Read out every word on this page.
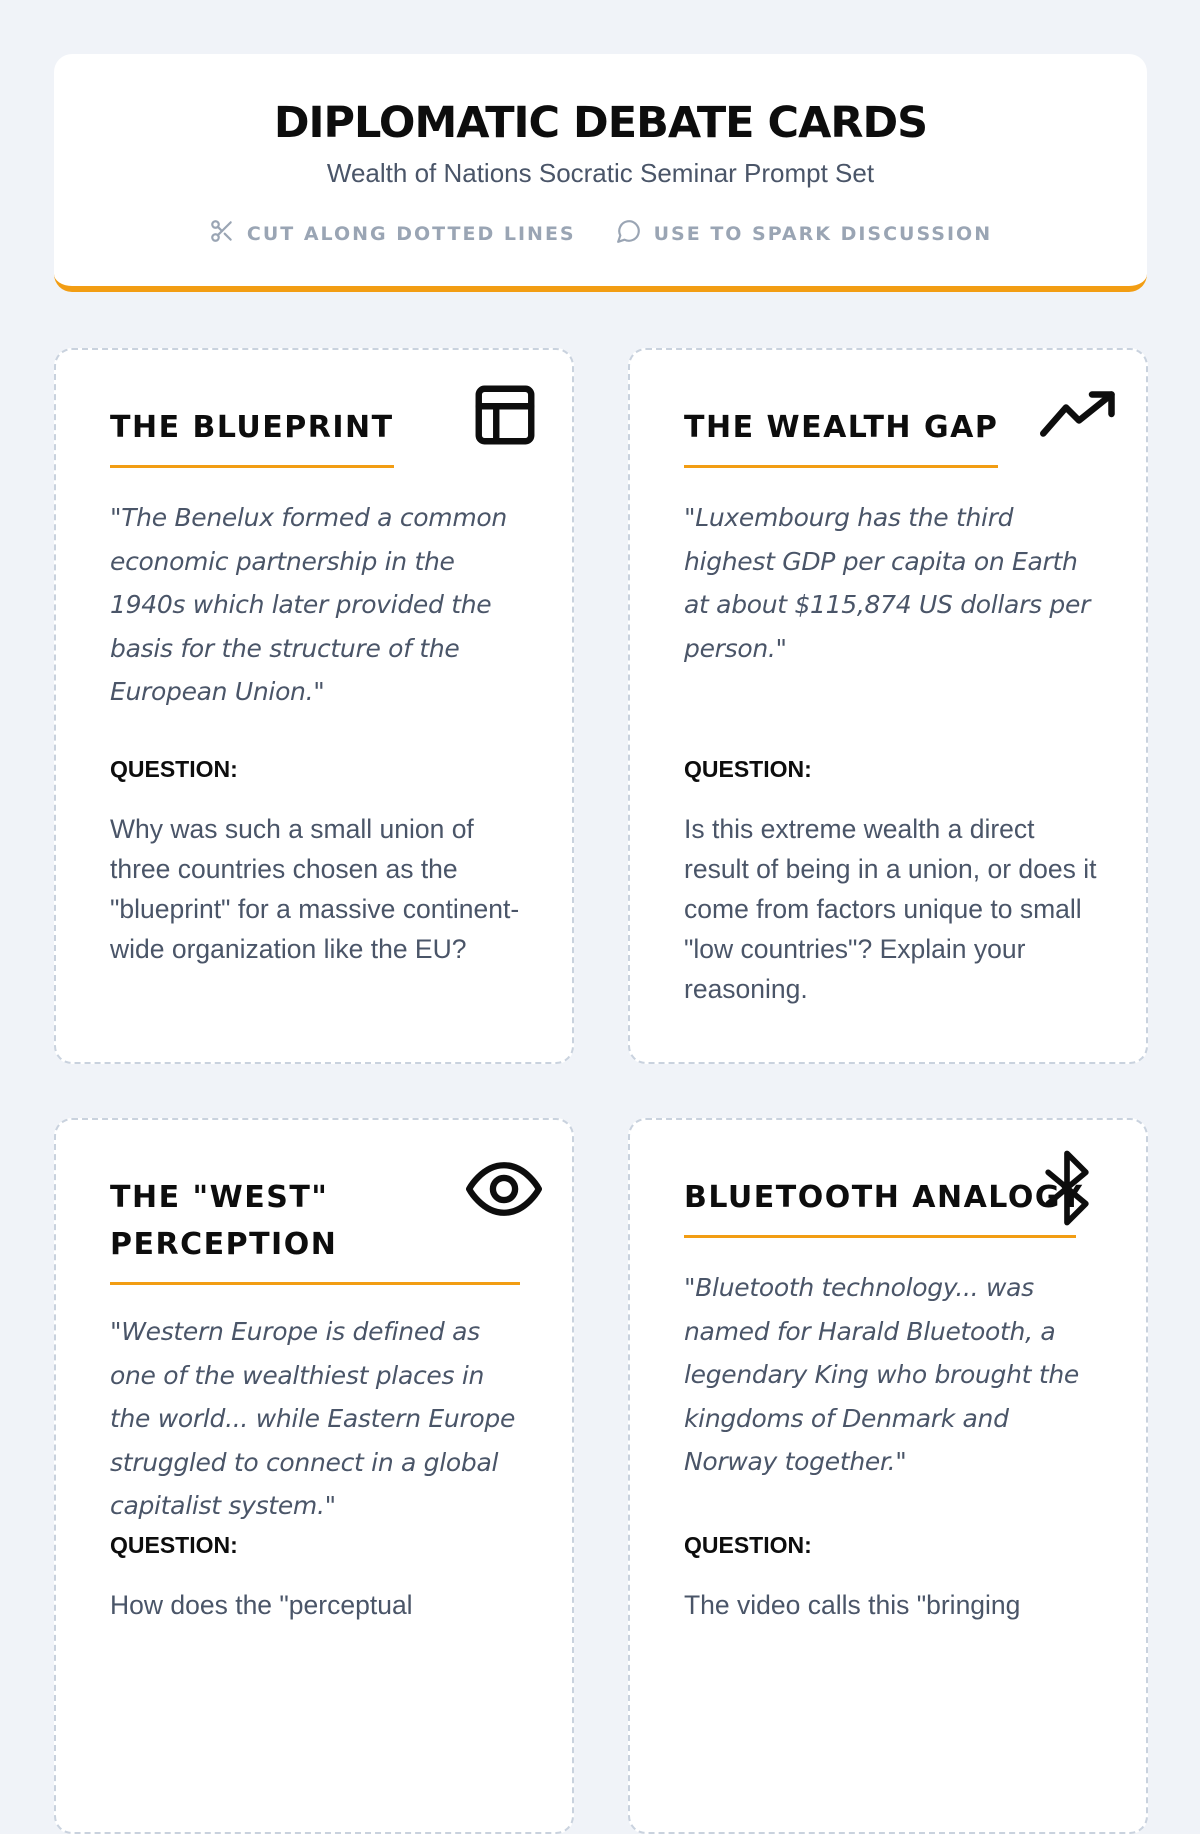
DIPLOMATIC DEBATE CARDS
Wealth of Nations Socratic Seminar Prompt Set
CUT ALONG DOTTED LINES	USE TO SPARK DISCUSSION
THE BLUEPRINT
"The Benelux formed a common economic partnership in the 1940s which later provided the basis for the structure of the European Union."
QUESTION:
Why was such a small union of three countries chosen as the "blueprint" for a massive continent-wide organization like the EU?
THE WEALTH GAP
"Luxembourg has the third highest GDP per capita on Earth at about $115,874 US dollars per person."
QUESTION:
Is this extreme wealth a direct result of being in a union, or does it come from factors unique to small "low countries"? Explain your reasoning.
THE "WEST" PERCEPTION
"Western Europe is defined as one of the wealthiest places in the world... while Eastern Europe struggled to connect in a global capitalist system."
QUESTION:
How does the "perceptual
BLUETOOTH ANALOGY
"Bluetooth technology... was named for Harald Bluetooth, a legendary King who brought the kingdoms of Denmark and Norway together."
QUESTION:
The video calls this "bringing
